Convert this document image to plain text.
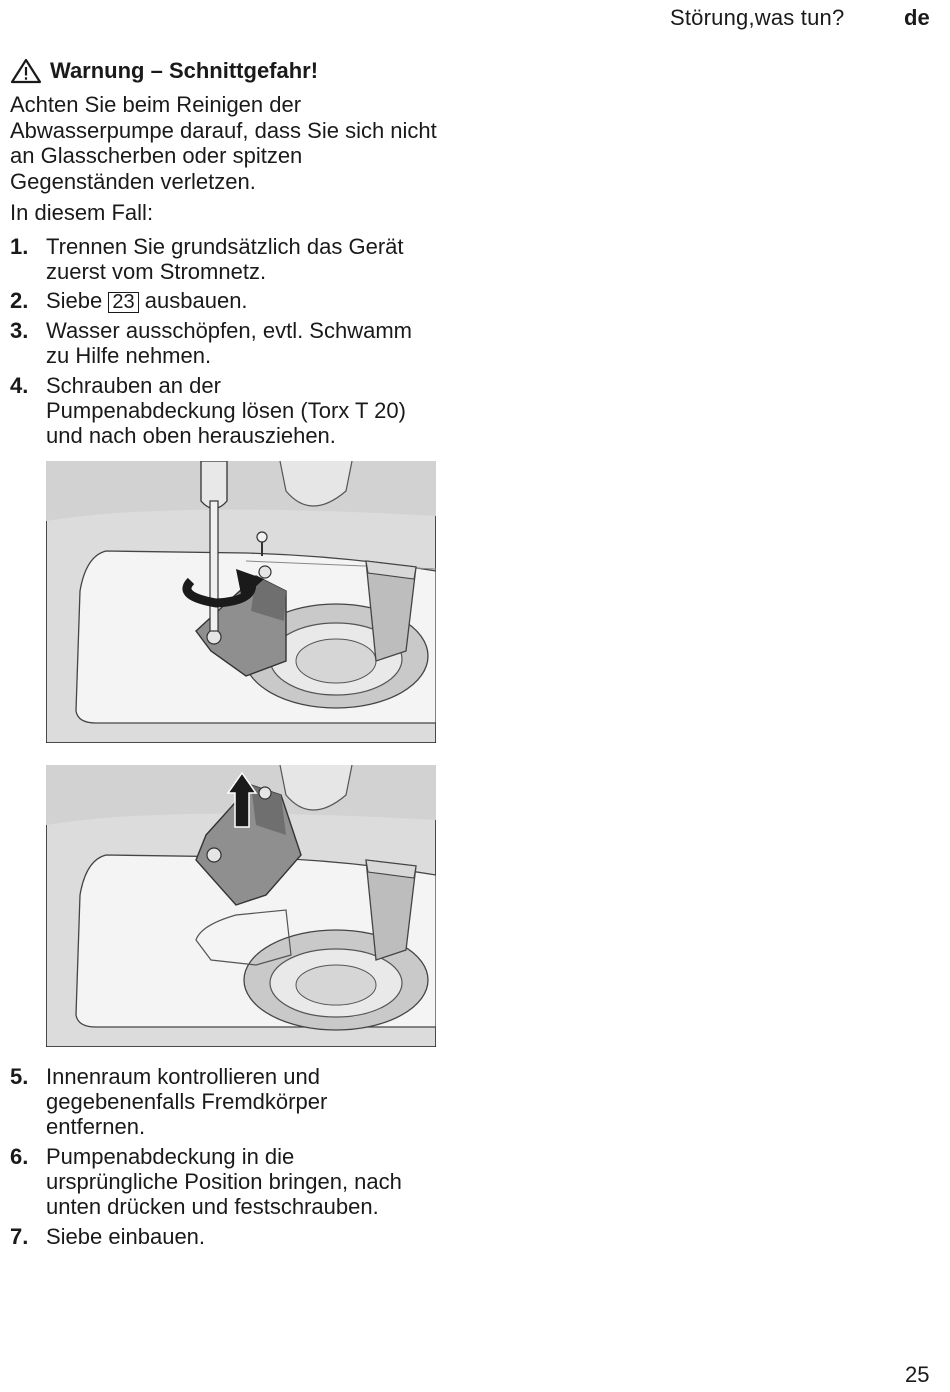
Störung,was tun?	de
Warnung – Schnittgefahr!
Achten Sie beim Reinigen der Abwasserpumpe darauf, dass Sie sich nicht an Glasscherben oder spitzen Gegenständen verletzen.
In diesem Fall:
1. Trennen Sie grundsätzlich das Gerät
zuerst vom Stromnetz.
2. Siebe 23 ausbauen.
3. Wasser ausschöpfen, evtl. Schwamm
zu Hilfe nehmen.
4. Schrauben an der
Pumpenabdeckung lösen (Torx T 20)
und nach oben herausziehen.
5. Innenraum kontrollieren und
gegebenenfalls Fremdkörper
entfernen.
6. Pumpenabdeckung in die
ursprüngliche Position bringen, nach
unten drücken und festschrauben.
7. Siebe einbauen.
25
